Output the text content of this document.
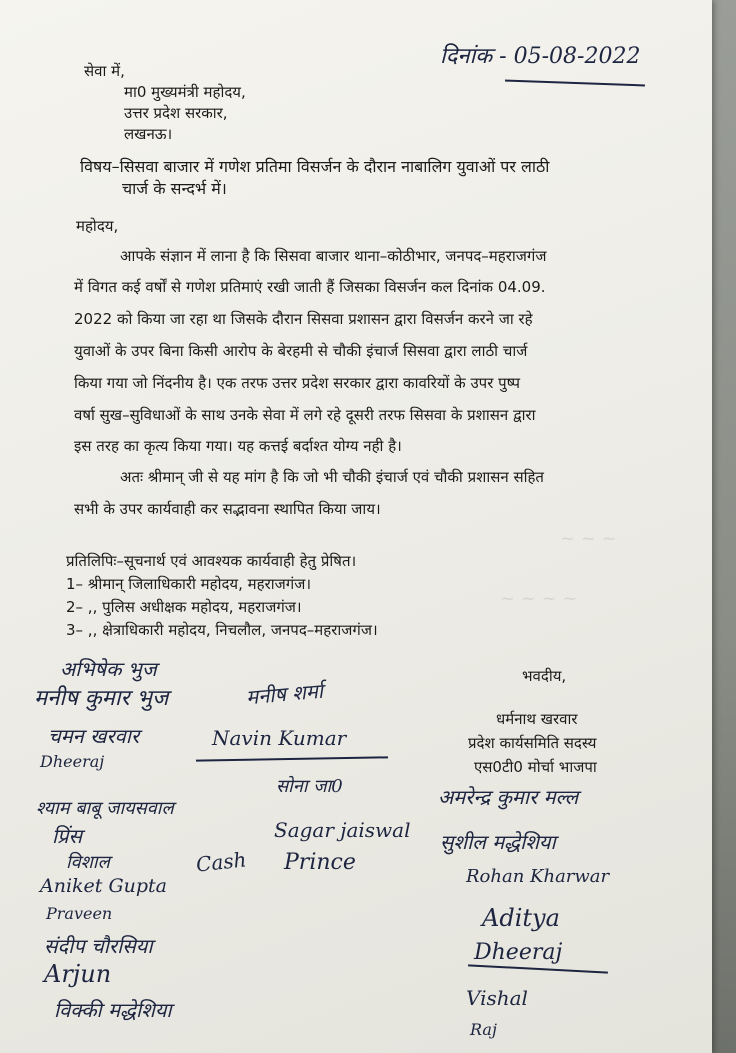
~ ~ ~
~ ~ ~ ~
दिनांक - 05-08-2022
सेवा में,
मा0 मुख्यमंत्री महोदय,
उत्तर प्रदेश सरकार,
लखनऊ।
विषय–सिसवा बाजार में गणेश प्रतिमा विसर्जन के दौरान नाबालिग युवाओं पर लाठी
चार्ज के सन्दर्भ में।
महोदय,
आपके संज्ञान में लाना है कि सिसवा बाजार थाना–कोठीभार, जनपद–महराजगंज
में विगत कई वर्षों से गणेश प्रतिमाएं रखी जाती हैं जिसका विसर्जन कल दिनांक 04.09.
2022 को किया जा रहा था जिसके दौरान सिसवा प्रशासन द्वारा विसर्जन करने जा रहे
युवाओं के उपर बिना किसी आरोप के बेरहमी से चौकी इंचार्ज सिसवा द्वारा लाठी चार्ज
किया गया जो निंदनीय है। एक तरफ उत्तर प्रदेश सरकार द्वारा कावरियों के उपर पुष्प
वर्षा सुख–सुविधाओं के साथ उनके सेवा में लगे रहे दूसरी तरफ सिसवा के प्रशासन द्वारा
इस तरह का कृत्य किया गया। यह कत्तई बर्दाश्त योग्य नही है।
अतः श्रीमान् जी से यह मांग है कि जो भी चौकी इंचार्ज एवं चौकी प्रशासन सहित
सभी के उपर कार्यवाही कर सद्भावना स्थापित किया जाय।
प्रतिलिपिः–सूचनार्थ एवं आवश्यक कार्यवाही हेतु प्रेषित।
1– श्रीमान् जिलाधिकारी महोदय, महराजगंज।
2– ,, पुलिस अधीक्षक महोदय, महराजगंज।
3– ,, क्षेत्राधिकारी महोदय, निचलौल, जनपद–महराजगंज।
भवदीय,
धर्मनाथ खरवार
प्रदेश कार्यसमिति सदस्य
एस0टी0 मोर्चा भाजपा
अभिषेक भुज
मनीष कुमार भुज	मनीष शर्मा
चमन खरवार	Navin Kumar
Dheeraj
सोना जा0	अमरेन्द्र कुमार मल्ल
श्याम बाबू जायसवाल
प्रिंस	Sagar jaiswal सुशील मद्धेशिया
विशाल	Cash Prince
Aniket Gupta	Rohan Kharwar
Praveen	Aditya
संदीप चौरसिया	Dheeraj
Arjun
Vishal
विक्की मद्धेशिया
Raj
